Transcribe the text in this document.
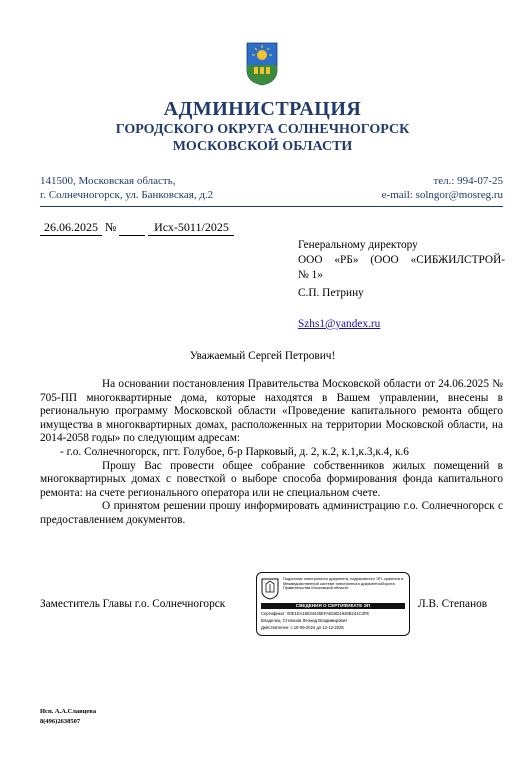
АДМИНИСТРАЦИЯ
ГОРОДСКОГО ОКРУГА СОЛНЕЧНОГОРСК
МОСКОВСКОЙ ОБЛАСТИ
141500, Московская область,
г. Солнечногорск, ул. Банковская, д.2
тел.: 994-07-25
e-mail: solngor@mosreg.ru
26.06.2025 №	Исх-5011/2025
Генеральному директору
ООО «РБ» (ООО «СИБЖИЛСТРОЙ-
№ 1»
С.П. Петрину
Szhs1@yandex.ru
Уважаемый Сергей Петрович!

На основании постановления Правительства Московской области от 24.06.2025 № 705-ПП многоквартирные дома, которые находятся в Вашем управлении, внесены в региональную программу Московской области «Проведение капитального ремонта общего имущества в многоквартирных домах, расположенных на территории Московской области, на 2014-2058 годы» по следующим адресам:

- г.о. Солнечногорск, пгт. Голубое, б-р Парковый, д. 2, к.2, к.1,к.3,к.4, к.6

Прошу Вас провести общее собрание собственников жилых помещений в многоквартирных домах с повесткой о выборе способа формирования фонда капитального ремонта: на счете регионального оператора или не специальном счете.

О принятом решении прошу информировать администрацию г.о. Солнечногорск с предоставлением документов.

Заместитель Главы г.о. Солнечногорск
Подлинник электронного документа, подписанного ЭП, хранится в Межведомственной системе электронного документооборота Правительства Московской области
СВЕДЕНИЯ О СЕРТИФИКАТЕ ЭП
Сертификат: 00E1EA16034445EFAB18D1926B241C3FE
Владелец: Степанов Леонид Владимирович
Действителен: с 18-09-2024 до 12-12-2025
Л.В. Степанов
Исп. А.А.Славцева
8(496)2638507
